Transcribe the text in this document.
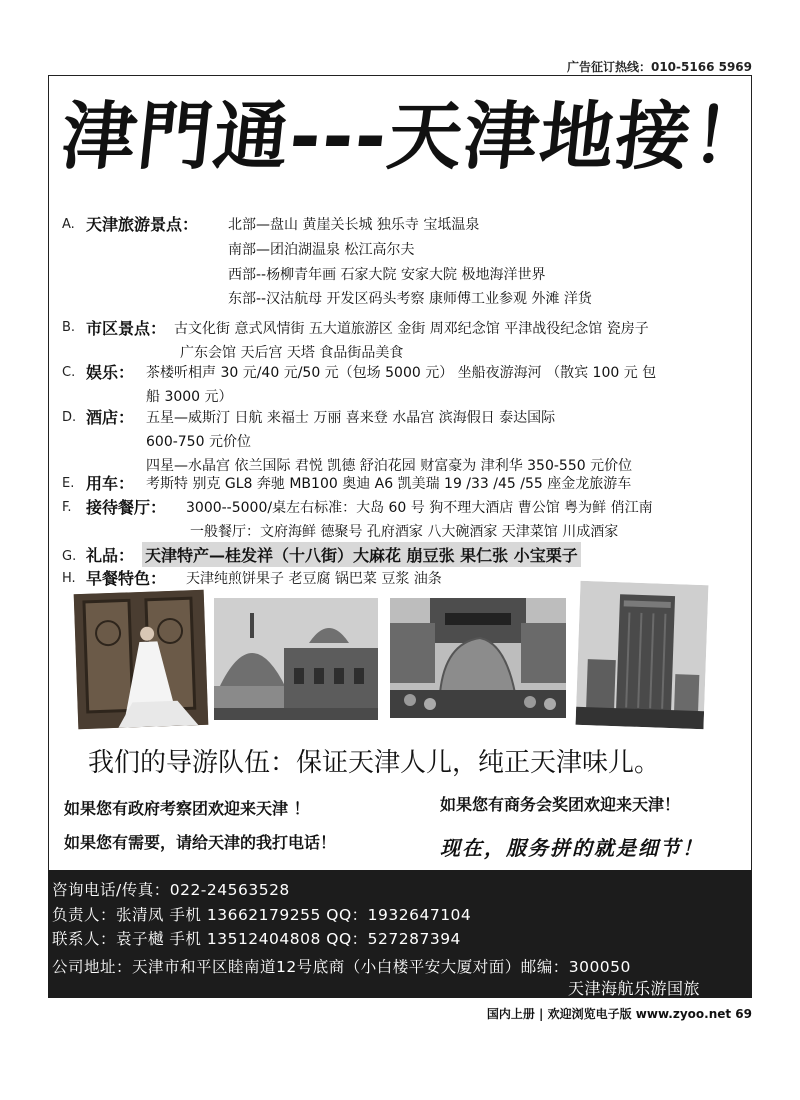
广告征订热线：010-5166 5969
津門通---天津地接！
A. 天津旅游景点： 北部—盘山 黄崖关长城 独乐寺 宝坻温泉
南部—团泊湖温泉 松江高尔夫
西部--杨柳青年画 石家大院 安家大院 极地海洋世界
东部--汉沽航母 开发区码头考察 康师傅工业参观 外滩 洋货
B. 市区景点： 古文化街 意式风情街 五大道旅游区 金街 周邓纪念馆 平津战役纪念馆 瓷房子
广东会馆 天后宫 天塔 食品街品美食
C. 娱乐： 茶楼听相声 30 元/40 元/50 元（包场 5000 元） 坐船夜游海河 （散宾 100 元 包
船 3000 元）
D. 酒店： 五星—威斯汀 日航 来福士 万丽 喜来登 水晶宫 滨海假日 泰达国际
600-750 元价位
四星—水晶宫 依兰国际 君悦 凯德 舒泊花园 财富豪为 津利华 350-550 元价位
E. 用车： 考斯特 别克 GL8 奔驰 MB100 奥迪 A6 凯美瑞 19 /33 /45 /55 座金龙旅游车
F. 接待餐厅： 3000--5000/桌左右标准：大岛 60 号 狗不理大酒店 曹公馆 粤为鲜 俏江南
一般餐厅：文府海鲜 德聚号 孔府酒家 八大碗酒家 天津菜馆 川成酒家
G. 礼品： 天津特产—桂发祥（十八街）大麻花 崩豆张 果仁张 小宝栗子
H. 早餐特色： 天津纯煎饼果子 老豆腐 锅巴菜 豆浆 油条
我们的导游队伍：保证天津人儿，纯正天津味儿。
如果您有政府考察团欢迎来天津 ！	如果您有商务会奖团欢迎来天津！
如果您有需要，请给天津的我打电话！	现在，服务拼的就是细节！
咨询电话/传真：022-24563528
负责人：张清凤 手机 13662179255 QQ：1932647104
联系人：袁子樾 手机 13512404808 QQ：527287394
公司地址：天津市和平区睦南道12号底商（小白楼平安大厦对面）邮编：300050
天津海航乐游国旅
国内上册 | 欢迎浏览电子版 www.zyoo.net 69
